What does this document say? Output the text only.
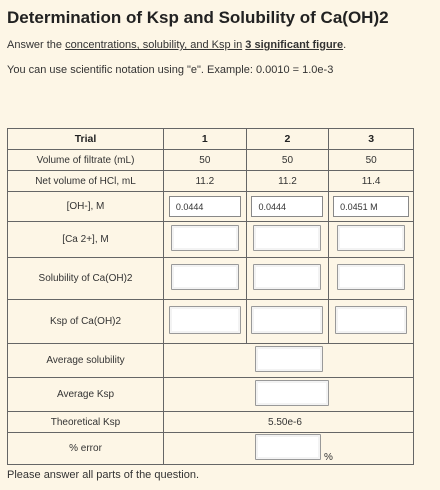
Determination of Ksp and Solubility of Ca(OH)2
Answer the concentrations, solubility, and Ksp in 3 significant figure.
You can use scientific notation using "e". Example: 0.0010 = 1.0e-3
Trial	1	2	3
Volume of filtrate (mL)	50	50	50
Net volume of HCl, mL	11.2	11.2	11.4
[OH-], M	0.0444	0.0444	0.0451 M
[Ca 2+], M			
Solubility of Ca(OH)2			
Ksp of Ca(OH)2			
Average solubility			
Average Ksp			
Theoretical Ksp	5.50e-6		
% error	%		
Please answer all parts of the question.
